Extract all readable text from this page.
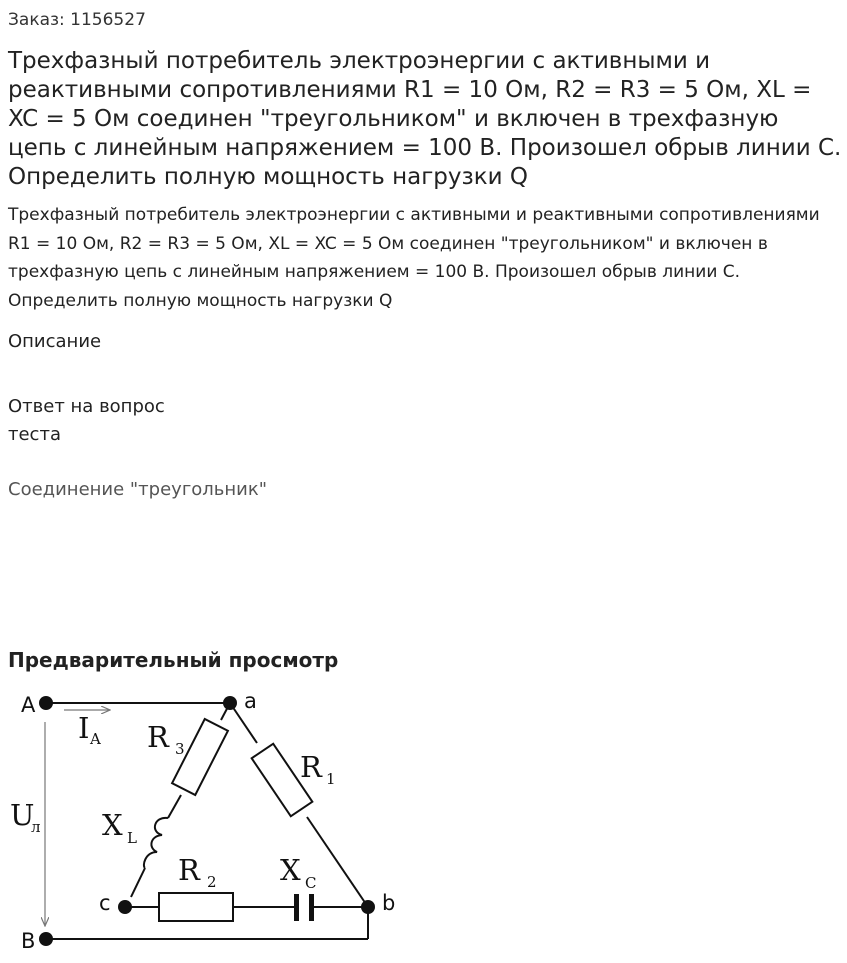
Заказ: 1156527
Трехфазный потребитель электроэнергии с активными и реактивными сопротивлениями R1 = 10 Ом, R2 = R3 = 5 Ом, XL = XC = 5 Ом соединен "треугольником" и включен в трехфазную цепь с линейным напряжением = 100 В. Произошел обрыв линии C. Определить полную мощность нагрузки Q

Трехфазный потребитель электроэнергии с активными и реактивными сопротивлениями R1 = 10 Ом, R2 = R3 = 5 Ом, XL = XC = 5 Ом соединен "треугольником" и включен в трехфазную цепь с линейным напряжением = 100 В. Произошел обрыв линии C. Определить полную мощность нагрузки Q

Описание
Ответ на вопрос теста
Соединение "треугольник"
Предварительный просмотр
A	a
B
b
c
I A
U
л
R 3
R 1
X L
R 2 X C
